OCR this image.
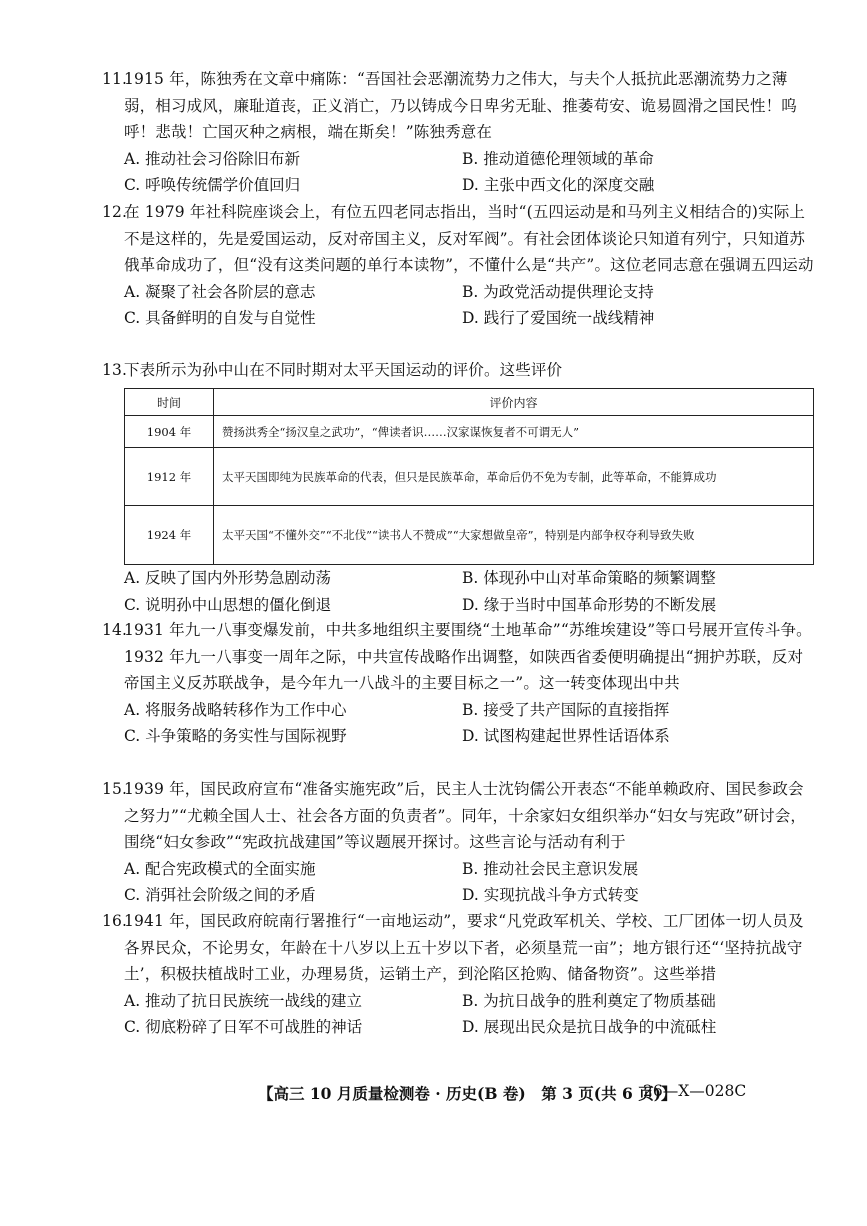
11.
1915 年，陈独秀在文章中痛陈：“吾国社会恶潮流势力之伟大，与夫个人抵抗此恶潮流势力之薄弱，相习成风，廉耻道丧，正义消亡，乃以铸成今日卑劣无耻、推萎苟安、诡易圆滑之国民性！呜呼！悲哉！亡国灭种之病根，端在斯矣！”陈独秀意在

A. 推动社会习俗除旧布新	B. 推动道德伦理领域的革命
C. 呼唤传统儒学价值回归	D. 主张中西文化的深度交融

12.
在 1979 年社科院座谈会上，有位五四老同志指出，当时“(五四运动是和马列主义相结合的)实际上不是这样的，先是爱国运动，反对帝国主义，反对军阀”。有社会团体谈论只知道有列宁，只知道苏俄革命成功了，但“没有这类问题的单行本读物”，不懂什么是“共产”。这位老同志意在强调五四运动

A. 凝聚了社会各阶层的意志	B. 为政党活动提供理论支持
C. 具备鲜明的自发与自觉性	D. 践行了爱国统一战线精神

13.
下表所示为孙中山在不同时期对太平天国运动的评价。这些评价

时间	评价内容
1904 年	赞扬洪秀全“扬汉皇之武功”，“俾读者识……汉家谋恢复者不可谓无人”
1912 年	太平天国即纯为民族革命的代表，但只是民族革命，革命后仍不免为专制，此等革命，不能算成功
1924 年	太平天国“不懂外交”“不北伐”“读书人不赞成”“大家想做皇帝”，特别是内部争权夺利导致失败
A. 反映了国内外形势急剧动荡	B. 体现孙中山对革命策略的频繁调整
C. 说明孙中山思想的僵化倒退	D. 缘于当时中国革命形势的不断发展

14.
1931 年九一八事变爆发前，中共多地组织主要围绕“土地革命”“苏维埃建设”等口号展开宣传斗争。1932 年九一八事变一周年之际，中共宣传战略作出调整，如陕西省委便明确提出“拥护苏联，反对帝国主义反苏联战争，是今年九一八战斗的主要目标之一”。这一转变体现出中共

A. 将服务战略转移作为工作中心	B. 接受了共产国际的直接指挥
C. 斗争策略的务实性与国际视野	D. 试图构建起世界性话语体系

15.
1939 年，国民政府宣布“准备实施宪政”后，民主人士沈钧儒公开表态“不能单赖政府、国民参政会之努力”“尤赖全国人士、社会各方面的负责者”。同年，十余家妇女组织举办“妇女与宪政”研讨会，围绕“妇女参政”“宪政抗战建国”等议题展开探讨。这些言论与活动有利于

A. 配合宪政模式的全面实施	B. 推动社会民主意识发展
C. 消弭社会阶级之间的矛盾	D. 实现抗战斗争方式转变

16.
1941 年，国民政府皖南行署推行“一亩地运动”，要求“凡党政军机关、学校、工厂团体一切人员及各界民众，不论男女，年龄在十八岁以上五十岁以下者，必须垦荒一亩”；地方银行还“‘坚持抗战守土’，积极扶植战时工业，办理易货，运销土产，到沦陷区抢购、储备物资”。这些举措

A. 推动了抗日民族统一战线的建立	B. 为抗日战争的胜利奠定了物质基础
C. 彻底粉碎了日军不可战胜的神话	D. 展现出民众是抗日战争的中流砥柱
【高三 10 月质量检测卷 · 历史(B 卷)　第 3 页(共 6 页)】
26—X—028C
